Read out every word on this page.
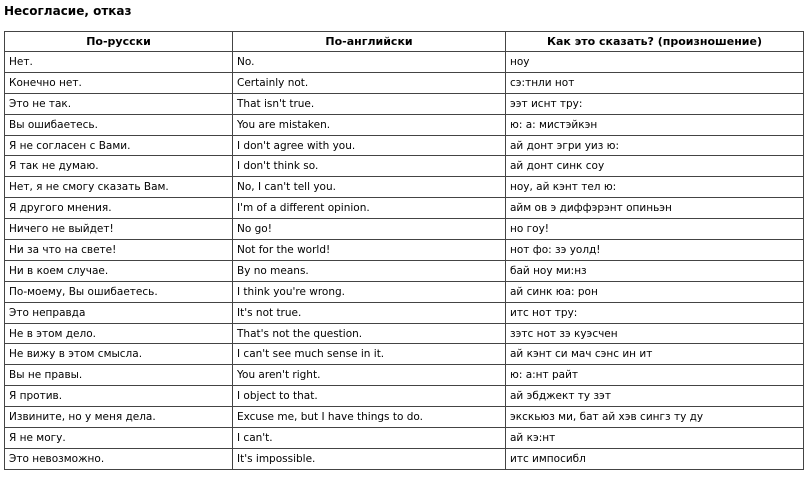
Несогласие, отказ
По-русски	По-английски	Как это сказать? (произношение)
Нет.	No.	ноу
Конечно нет.	Certainly not.	сэ:тнли нот
Это не так.	That isn't true.	ээт иснт тру:
Вы ошибаетесь.	You are mistaken.	ю: а: мистэйкэн
Я не согласен с Вами.	I don't agree with you.	ай донт эгри уиз ю:
Я так не думаю.	I don't think so.	ай донт синк соу
Нет, я не смогу сказать Вам.	No, I can't tell you.	ноу, ай кэнт тел ю:
Я другого мнения.	I'm of a different opinion.	айм ов э диффэрэнт опиньэн
Ничего не выйдет!	No go!	но гоу!
Ни за что на свете!	Not for the world!	нот фо: зэ уолд!
Ни в коем случае.	By no means.	бай ноу ми:нз
По-моему, Вы ошибаетесь.	I think you're wrong.	ай синк юа: рон
Это неправда	It's not true.	итс нот тру:
Не в этом дело.	That's not the question.	зэтс нот зэ куэсчен
Не вижу в этом смысла.	I can't see much sense in it.	ай кэнт си мач сэнс ин ит
Вы не правы.	You aren't right.	ю: а:нт райт
Я против.	I object to that.	ай эбджект ту зэт
Извините, но у меня дела.	Excuse me, but I have things to do.	экскьюз ми, бат ай хэв сингз ту ду
Я не могу.	I can't.	ай кэ:нт
Это невозможно.	It's impossible.	итс импосибл
